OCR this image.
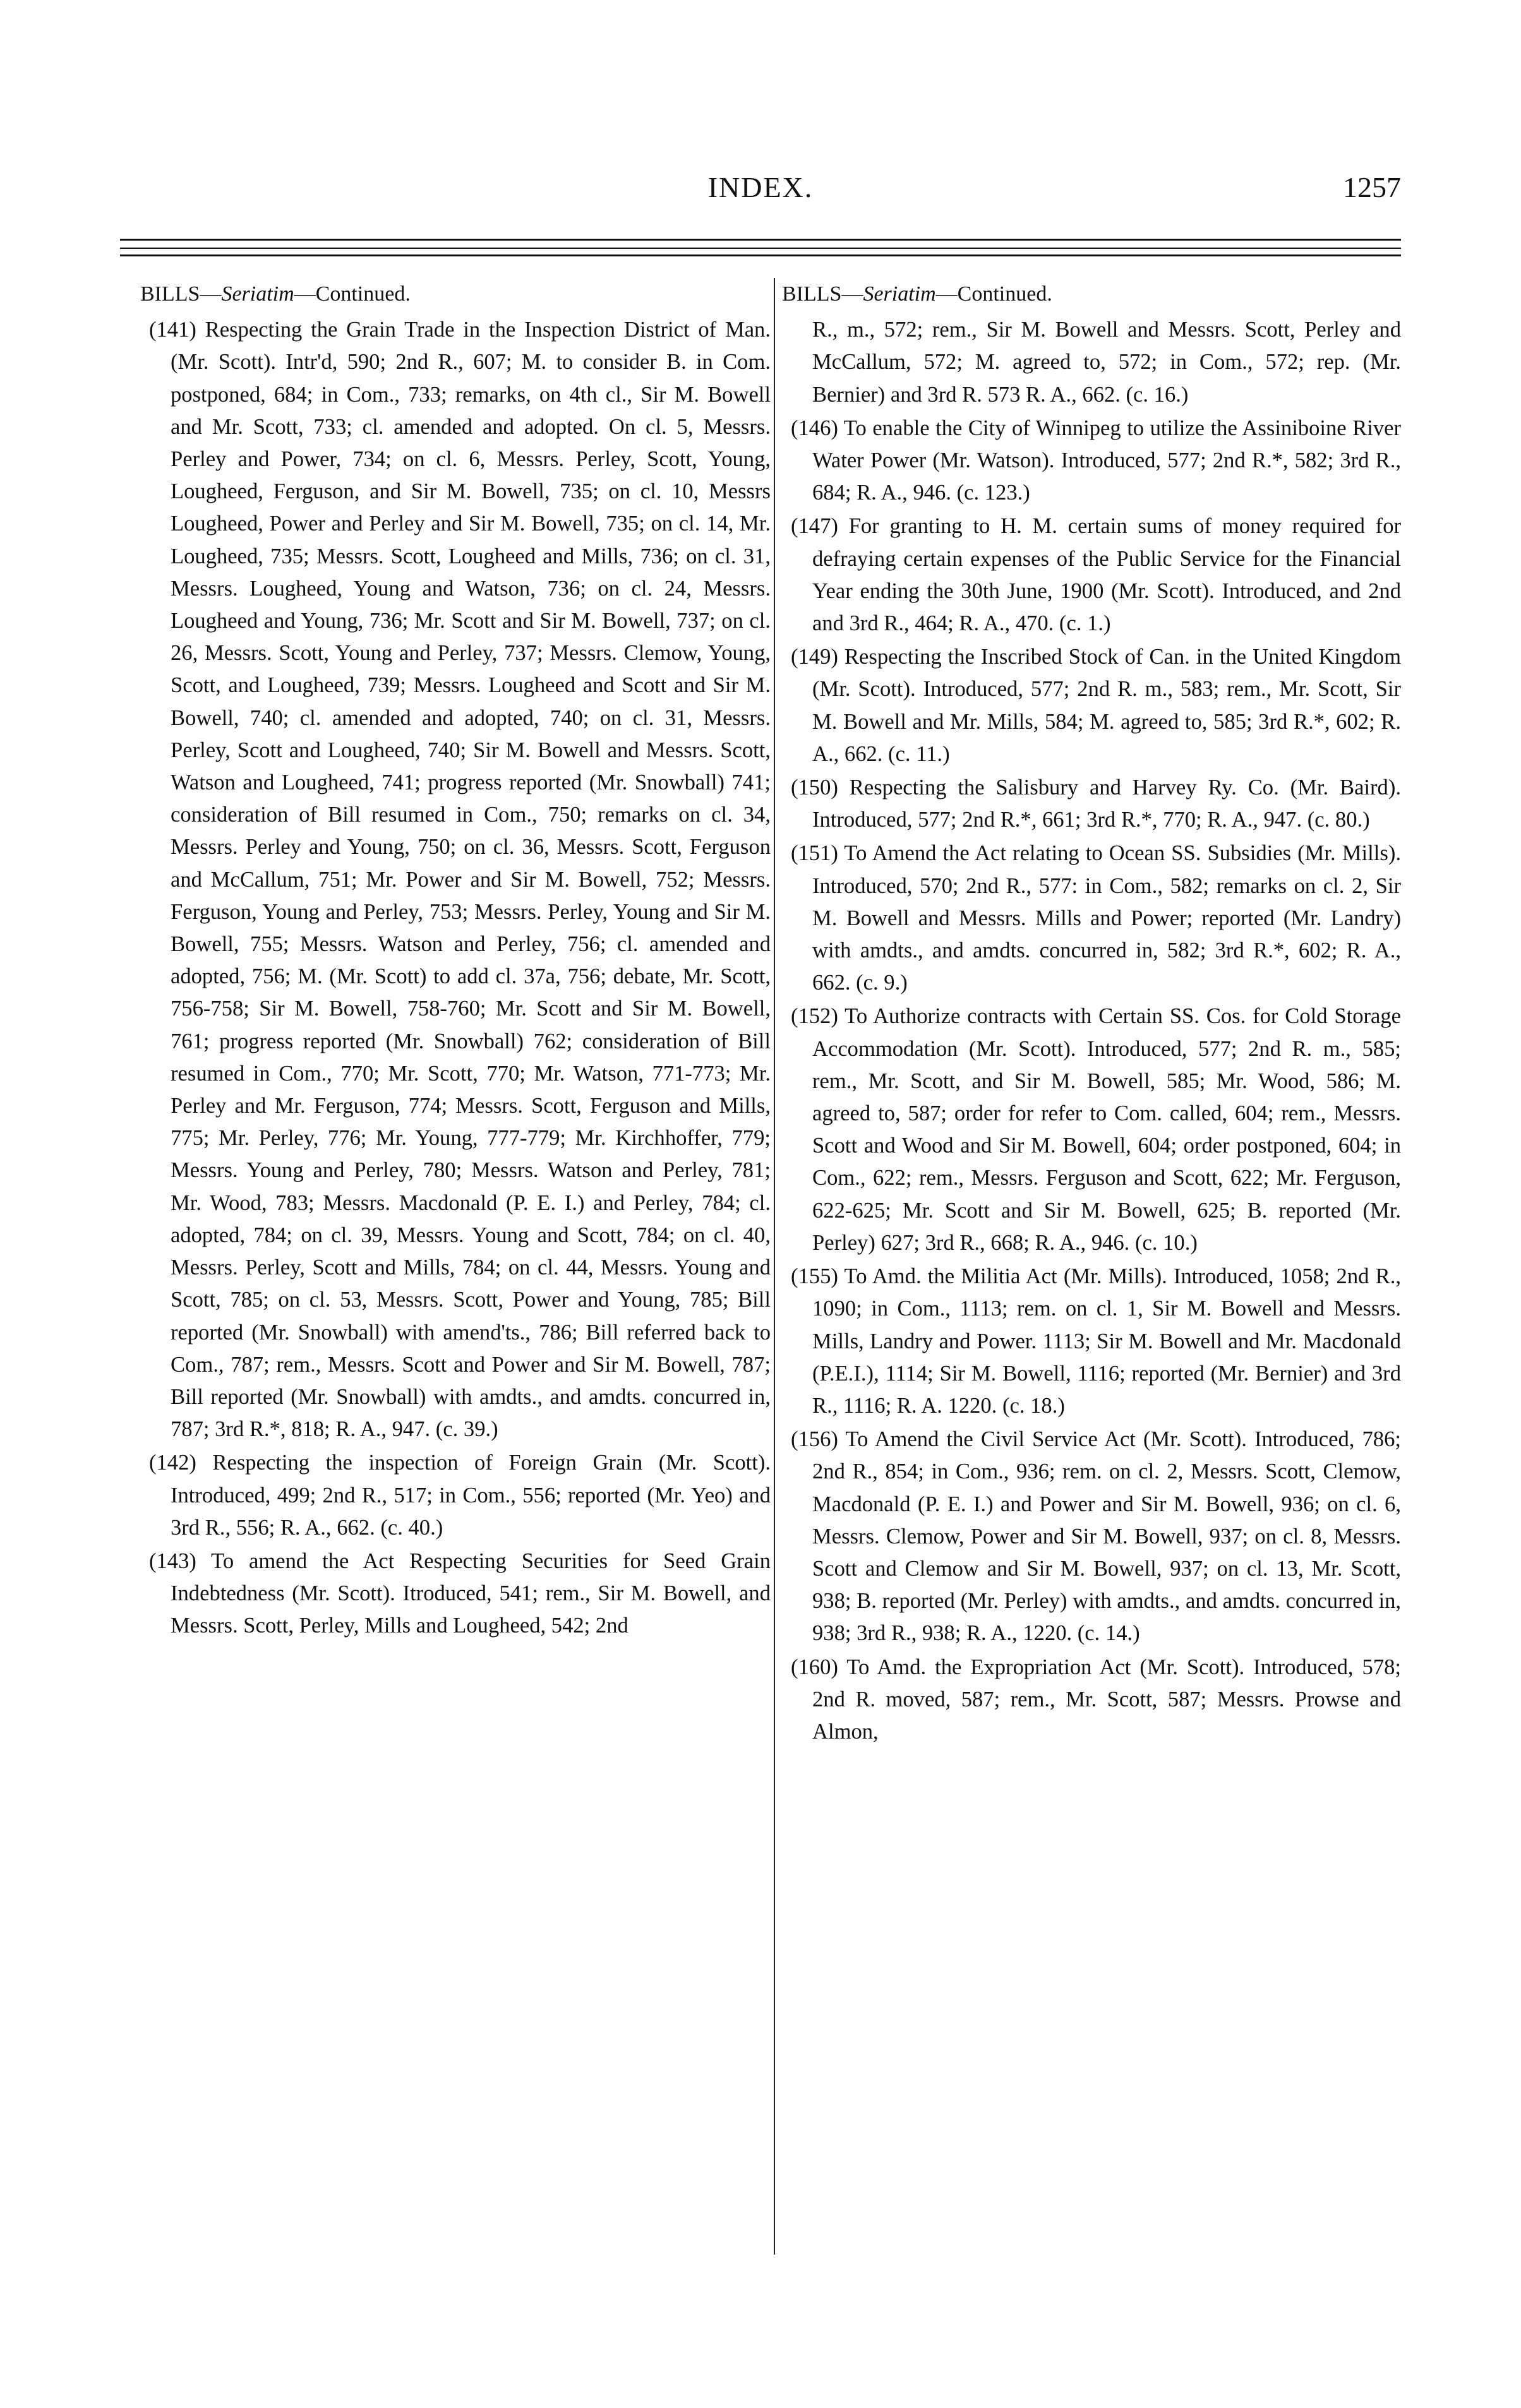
INDEX.	1257
BILLS—Seriatim—Continued.

(141) Respecting the Grain Trade in the Inspection District of Man. (Mr. Scott). Intr'd, 590; 2nd R., 607; M. to consider B. in Com. postponed, 684; in Com., 733; remarks, on 4th cl., Sir M. Bowell and Mr. Scott, 733; cl. amended and adopted. On cl. 5, Messrs. Perley and Power, 734; on cl. 6, Messrs. Perley, Scott, Young, Lougheed, Ferguson, and Sir M. Bowell, 735; on cl. 10, Messrs Lougheed, Power and Perley and Sir M. Bowell, 735; on cl. 14, Mr. Lougheed, 735; Messrs. Scott, Lougheed and Mills, 736; on cl. 31, Messrs. Lougheed, Young and Watson, 736; on cl. 24, Messrs. Lougheed and Young, 736; Mr. Scott and Sir M. Bowell, 737; on cl. 26, Messrs. Scott, Young and Perley, 737; Messrs. Clemow, Young, Scott, and Lougheed, 739; Messrs. Lougheed and Scott and Sir M. Bowell, 740; cl. amended and adopted, 740; on cl. 31, Messrs. Perley, Scott and Lougheed, 740; Sir M. Bowell and Messrs. Scott, Watson and Lougheed, 741; progress reported (Mr. Snowball) 741; consideration of Bill resumed in Com., 750; remarks on cl. 34, Messrs. Perley and Young, 750; on cl. 36, Messrs. Scott, Ferguson and McCallum, 751; Mr. Power and Sir M. Bowell, 752; Messrs. Ferguson, Young and Perley, 753; Messrs. Perley, Young and Sir M. Bowell, 755; Messrs. Watson and Perley, 756; cl. amended and adopted, 756; M. (Mr. Scott) to add cl. 37a, 756; debate, Mr. Scott, 756-758; Sir M. Bowell, 758-760; Mr. Scott and Sir M. Bowell, 761; progress reported (Mr. Snowball) 762; consideration of Bill resumed in Com., 770; Mr. Scott, 770; Mr. Watson, 771-773; Mr. Perley and Mr. Ferguson, 774; Messrs. Scott, Ferguson and Mills, 775; Mr. Perley, 776; Mr. Young, 777-779; Mr. Kirchhoffer, 779; Messrs. Young and Perley, 780; Messrs. Watson and Perley, 781; Mr. Wood, 783; Messrs. Macdonald (P. E. I.) and Perley, 784; cl. adopted, 784; on cl. 39, Messrs. Young and Scott, 784; on cl. 40, Messrs. Perley, Scott and Mills, 784; on cl. 44, Messrs. Young and Scott, 785; on cl. 53, Messrs. Scott, Power and Young, 785; Bill reported (Mr. Snowball) with amend'ts., 786; Bill referred back to Com., 787; rem., Messrs. Scott and Power and Sir M. Bowell, 787; Bill reported (Mr. Snowball) with amdts., and amdts. concurred in, 787; 3rd R.*, 818; R. A., 947. (c. 39.)

(142) Respecting the inspection of Foreign Grain (Mr. Scott). Introduced, 499; 2nd R., 517; in Com., 556; reported (Mr. Yeo) and 3rd R., 556; R. A., 662. (c. 40.)

(143) To amend the Act Respecting Securities for Seed Grain Indebtedness (Mr. Scott). Itroduced, 541; rem., Sir M. Bowell, and Messrs. Scott, Perley, Mills and Lougheed, 542; 2nd

BILLS—Seriatim—Continued.

R., m., 572; rem., Sir M. Bowell and Messrs. Scott, Perley and McCallum, 572; M. agreed to, 572; in Com., 572; rep. (Mr. Bernier) and 3rd R. 573 R. A., 662. (c. 16.)

(146) To enable the City of Winnipeg to utilize the Assiniboine River Water Power (Mr. Watson). Introduced, 577; 2nd R.*, 582; 3rd R., 684; R. A., 946. (c. 123.)

(147) For granting to H. M. certain sums of money required for defraying certain expenses of the Public Service for the Financial Year ending the 30th June, 1900 (Mr. Scott). Introduced, and 2nd and 3rd R., 464; R. A., 470. (c. 1.)

(149) Respecting the Inscribed Stock of Can. in the United Kingdom (Mr. Scott). Introduced, 577; 2nd R. m., 583; rem., Mr. Scott, Sir M. Bowell and Mr. Mills, 584; M. agreed to, 585; 3rd R.*, 602; R. A., 662. (c. 11.)

(150) Respecting the Salisbury and Harvey Ry. Co. (Mr. Baird). Introduced, 577; 2nd R.*, 661; 3rd R.*, 770; R. A., 947. (c. 80.)

(151) To Amend the Act relating to Ocean SS. Subsidies (Mr. Mills). Introduced, 570; 2nd R., 577: in Com., 582; remarks on cl. 2, Sir M. Bowell and Messrs. Mills and Power; reported (Mr. Landry) with amdts., and amdts. concurred in, 582; 3rd R.*, 602; R. A., 662. (c. 9.)

(152) To Authorize contracts with Certain SS. Cos. for Cold Storage Accommodation (Mr. Scott). Introduced, 577; 2nd R. m., 585; rem., Mr. Scott, and Sir M. Bowell, 585; Mr. Wood, 586; M. agreed to, 587; order for refer to Com. called, 604; rem., Messrs. Scott and Wood and Sir M. Bowell, 604; order postponed, 604; in Com., 622; rem., Messrs. Ferguson and Scott, 622; Mr. Ferguson, 622-625; Mr. Scott and Sir M. Bowell, 625; B. reported (Mr. Perley) 627; 3rd R., 668; R. A., 946. (c. 10.)

(155) To Amd. the Militia Act (Mr. Mills). Introduced, 1058; 2nd R., 1090; in Com., 1113; rem. on cl. 1, Sir M. Bowell and Messrs. Mills, Landry and Power. 1113; Sir M. Bowell and Mr. Macdonald (P.E.I.), 1114; Sir M. Bowell, 1116; reported (Mr. Bernier) and 3rd R., 1116; R. A. 1220. (c. 18.)

(156) To Amend the Civil Service Act (Mr. Scott). Introduced, 786; 2nd R., 854; in Com., 936; rem. on cl. 2, Messrs. Scott, Clemow, Macdonald (P. E. I.) and Power and Sir M. Bowell, 936; on cl. 6, Messrs. Clemow, Power and Sir M. Bowell, 937; on cl. 8, Messrs. Scott and Clemow and Sir M. Bowell, 937; on cl. 13, Mr. Scott, 938; B. reported (Mr. Perley) with amdts., and amdts. concurred in, 938; 3rd R., 938; R. A., 1220. (c. 14.)

(160) To Amd. the Expropriation Act (Mr. Scott). Introduced, 578; 2nd R. moved, 587; rem., Mr. Scott, 587; Messrs. Prowse and Almon,
